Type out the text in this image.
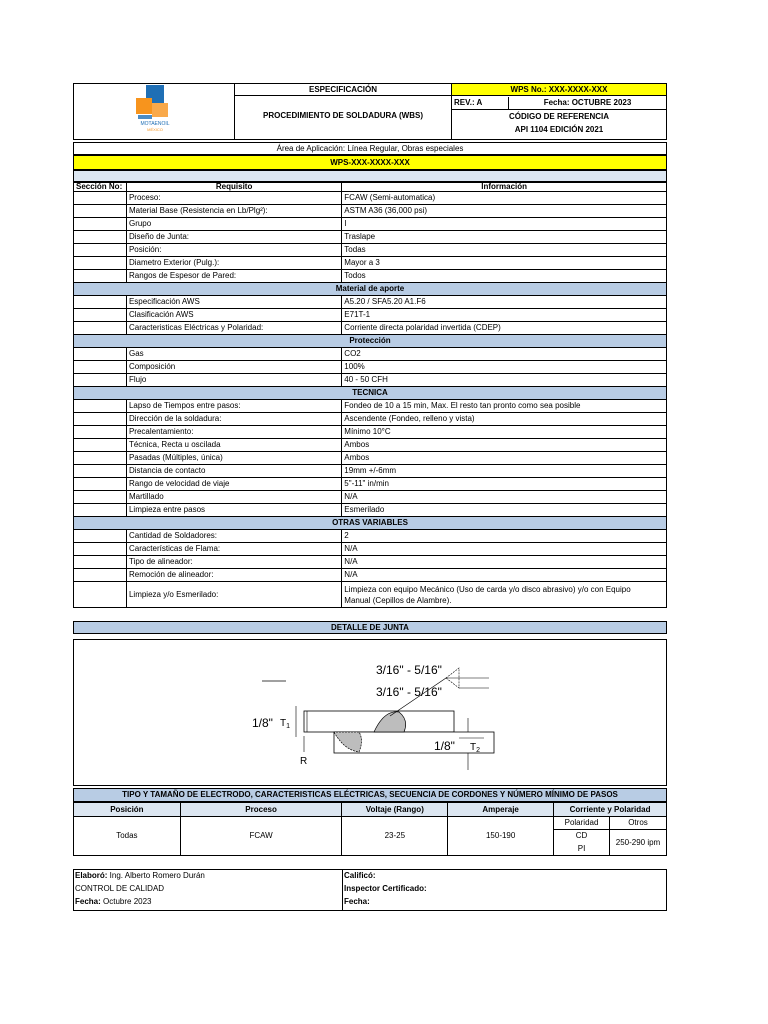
MOTAENOIL
MÉXICO
ESPECIFICACIÓN
PROCEDIMIENTO DE SOLDADURA (WBS)
WPS No.: XXX-XXXX-XXX
REV.: A	Fecha: OCTUBRE 2023
CÓDIGO DE REFERENCIA
API 1104 EDICIÓN 2021
Área de Aplicación: Línea Regular, Obras especiales
WPS-XXX-XXXX-XXX
Sección No:	Requisito	Información
	Proceso:	FCAW (Semi-automatica)
	Material Base (Resistencia en Lb/Plg²):	ASTM A36 (36,000 psi)
	Grupo	I
	Diseño de Junta:	Traslape
	Posición:	Todas
	Diametro Exterior (Pulg.):	Mayor a 3
	Rangos de Espesor de Pared:	Todos
Material de aporte		
	Especificación AWS	A5.20 / SFA5.20 A1.F6
	Clasificación AWS	E71T-1
	Caracteristicas Eléctricas y Polaridad:	Corriente directa polaridad invertida (CDEP)
Protección		
	Gas	CO2
	Composición	100%
	Flujo	40 - 50 CFH
TECNICA		
	Lapso de Tiempos entre pasos:	Fondeo de 10 a 15 min, Max. El resto tan pronto como sea posible
	Dirección de la soldadura:	Ascendente (Fondeo, relleno y vista)
	Precalentamiento:	Mínimo 10°C
	Técnica, Recta u oscilada	Ambos
	Pasadas (Múltiples, única)	Ambos
	Distancia de contacto	19mm +/-6mm
	Rango de velocidad de viaje	5"-11" in/min
	Martillado	N/A
	Limpieza entre pasos	Esmerilado
OTRAS VARIABLES		
	Cantidad de Soldadores:	2
	Características de Flama:	N/A
	Tipo de alineador:	N/A
	Remoción de alineador:	N/A
	Limpieza y/o Esmerilado:	Limpieza con equipo Mecánico (Uso de carda y/o disco abrasivo) y/o con Equipo
Manual (Cepillos de Alambre).
DETALLE DE JUNTA
3/16" - 5/16"
3/16" - 5/16"
1/8" $T_1$
1/8" $T_2$
R
TIPO Y TAMAÑO DE ELECTRODO, CARACTERISTICAS ELÉCTRICAS, SECUENCIA DE CORDONES Y NÚMERO MÍNIMO DE PASOS
Posición	Proceso	Voltaje (Rango)	Amperaje	Corriente y Polaridad	
Todas	FCAW	23-25	150-190	Polaridad	Otros
				CD	250-290 ipm
				PI	
Elaboró: Ing. Alberto Romero Durán
CONTROL DE CALIDAD
Fecha: Octubre 2023
Calificó:
Inspector Certificado:
Fecha:
